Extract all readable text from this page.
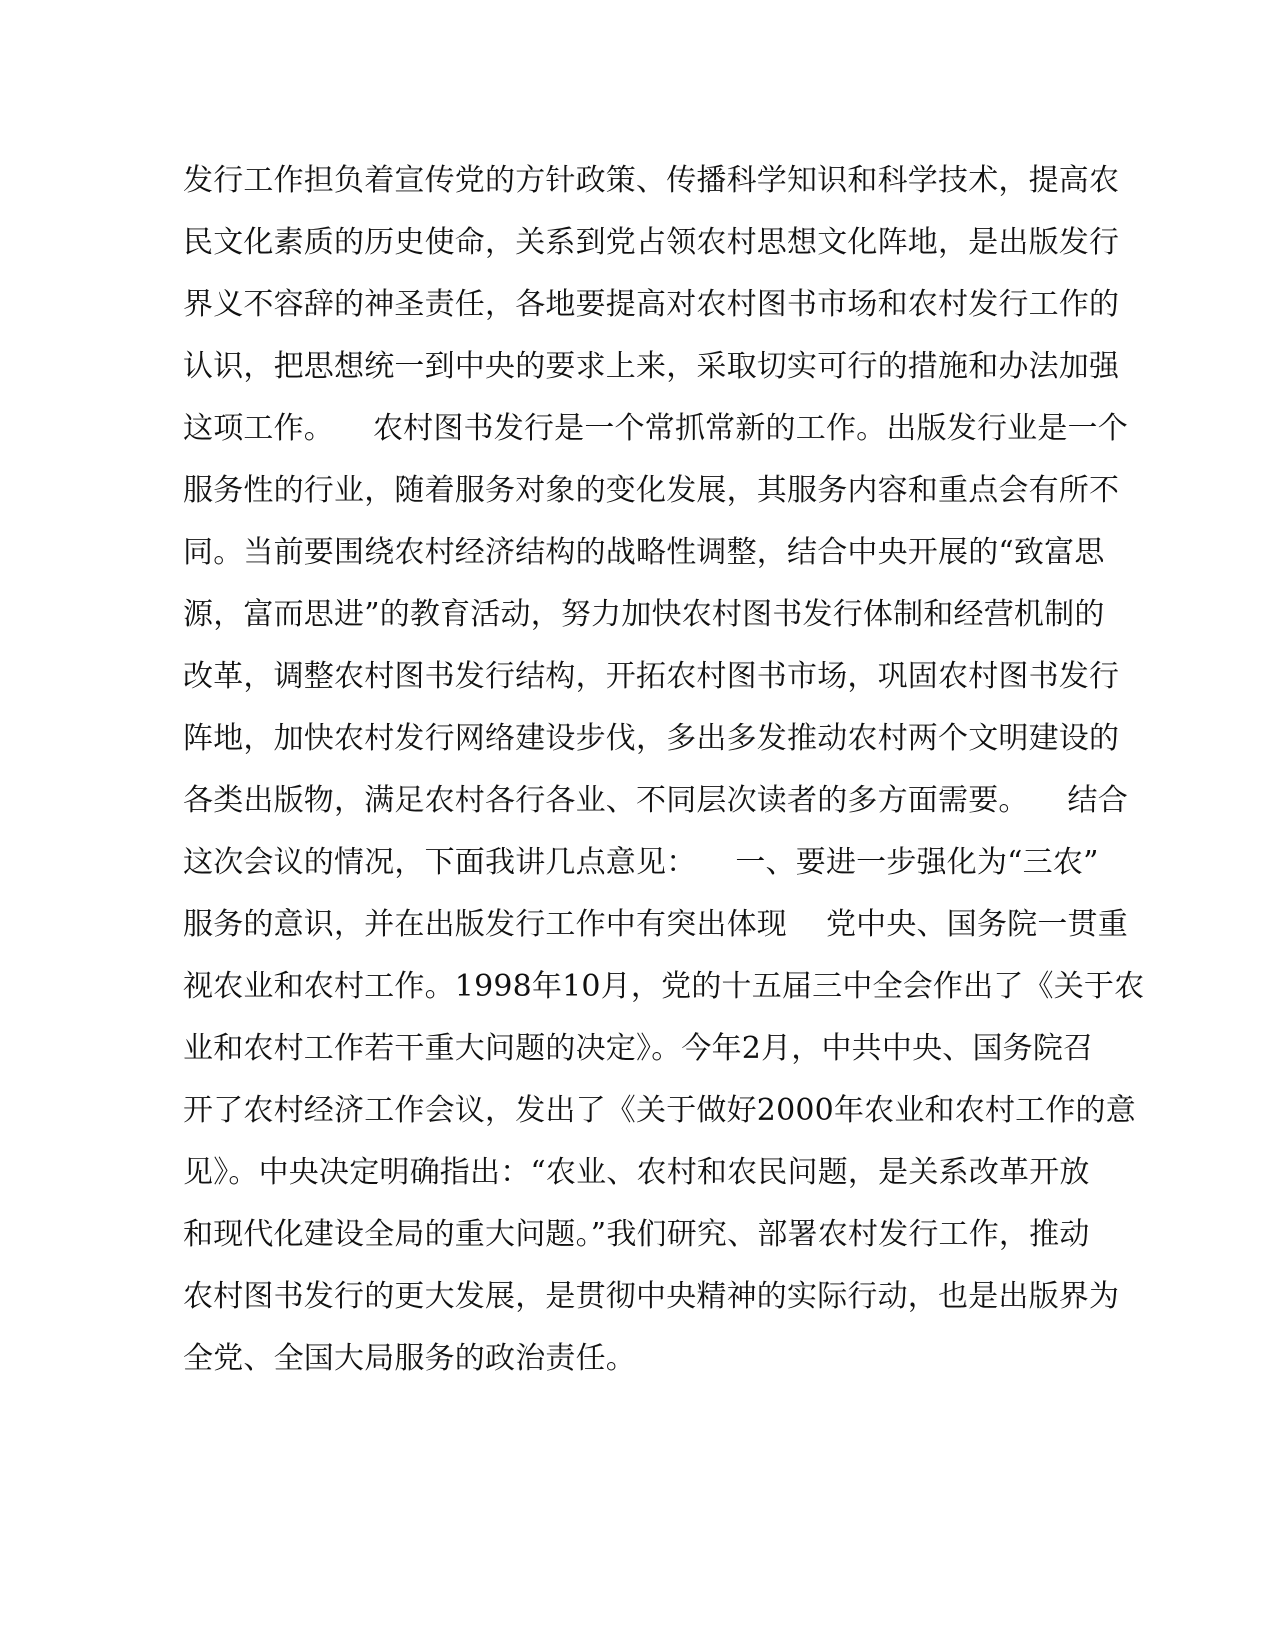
发行工作担负着宣传党的方针政策、传播科学知识和科学技术，提高农
民文化素质的历史使命，关系到党占领农村思想文化阵地，是出版发行
界义不容辞的神圣责任，各地要提高对农村图书市场和农村发行工作的
认识，把思想统一到中央的要求上来，采取切实可行的措施和办法加强
这项工作。    农村图书发行是一个常抓常新的工作。出版发行业是一个
服务性的行业，随着服务对象的变化发展，其服务内容和重点会有所不
同。当前要围绕农村经济结构的战略性调整，结合中央开展的“致富思
源，富而思进”的教育活动，努力加快农村图书发行体制和经营机制的
改革，调整农村图书发行结构，开拓农村图书市场，巩固农村图书发行
阵地，加快农村发行网络建设步伐，多出多发推动农村两个文明建设的
各类出版物，满足农村各行各业、不同层次读者的多方面需要。    结合
这次会议的情况，下面我讲几点意见：    一、要进一步强化为“三农”
服务的意识，并在出版发行工作中有突出体现    党中央、国务院一贯重
视农业和农村工作。1998年10月，党的十五届三中全会作出了《关于农
业和农村工作若干重大问题的决定》。今年2月，中共中央、国务院召
开了农村经济工作会议，发出了《关于做好2000年农业和农村工作的意
见》。中央决定明确指出：“农业、农村和农民问题，是关系改革开放
和现代化建设全局的重大问题。”我们研究、部署农村发行工作，推动
农村图书发行的更大发展，是贯彻中央精神的实际行动，也是出版界为
全党、全国大局服务的政治责任。
